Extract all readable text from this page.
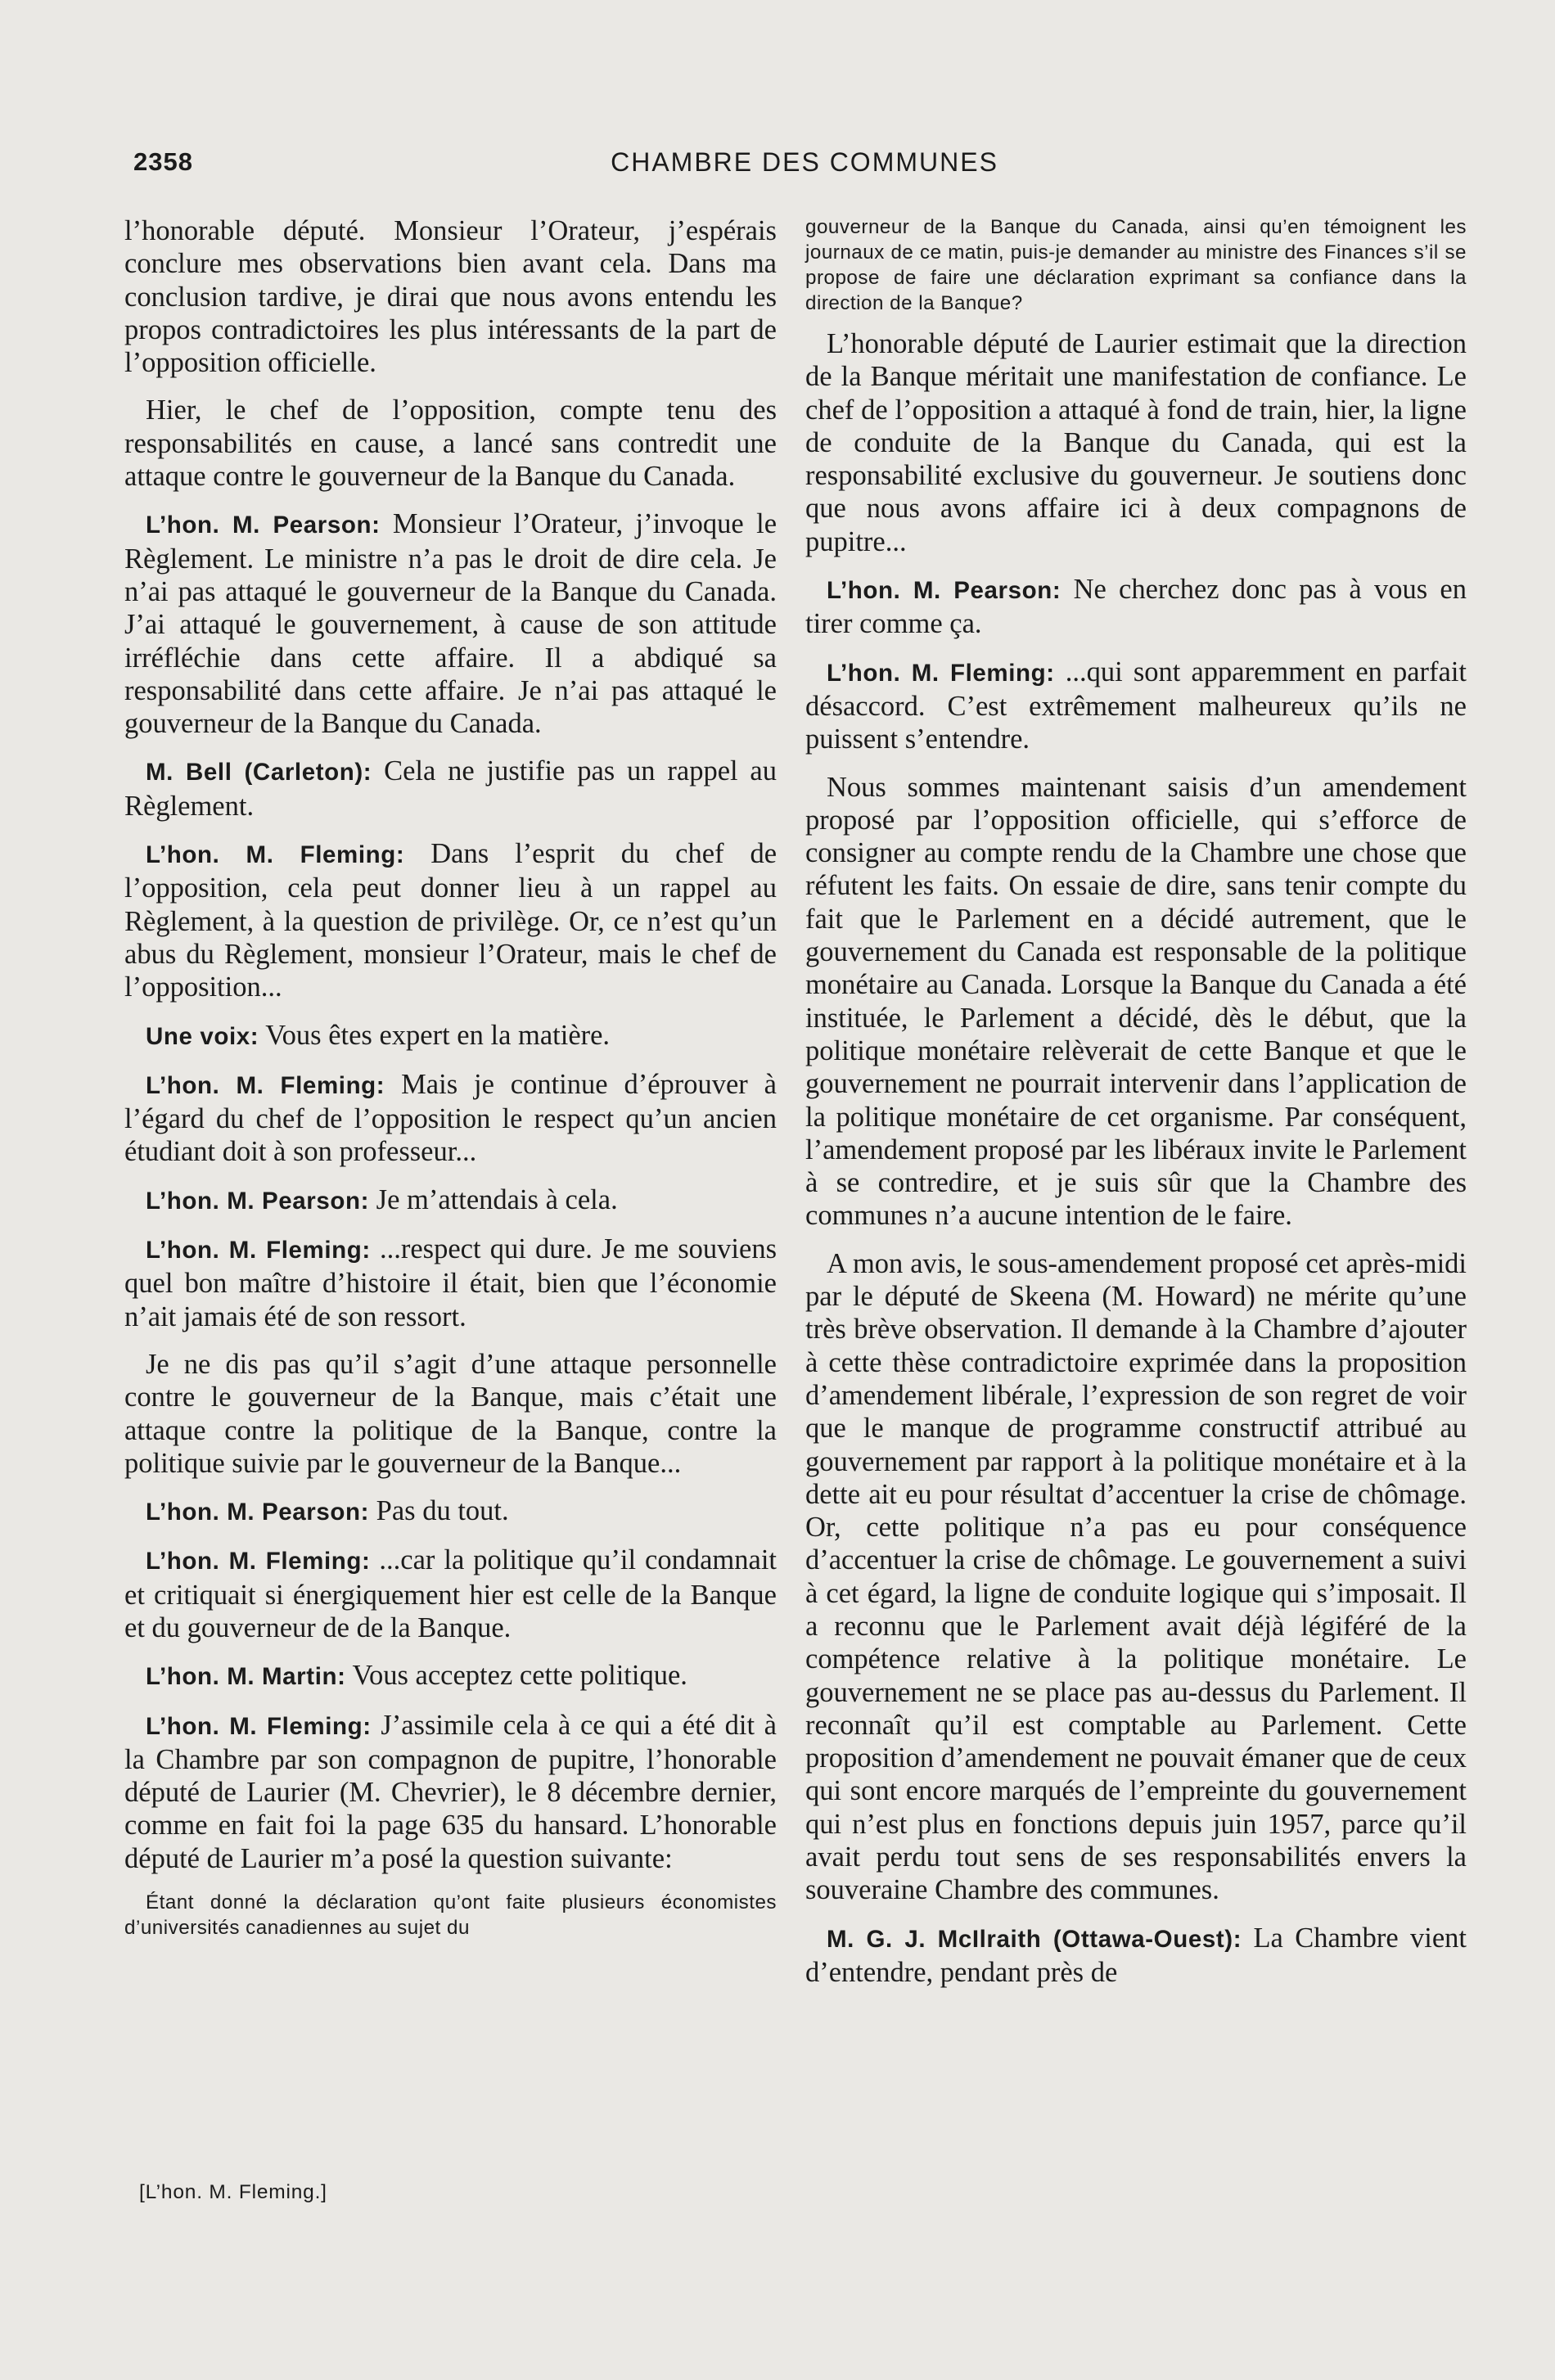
2358	CHAMBRE DES COMMUNES

l’honorable député. Monsieur l’Orateur, j’espérais conclure mes observations bien avant cela. Dans ma conclusion tardive, je dirai que nous avons entendu les propos contradictoires les plus intéressants de la part de l’opposition officielle.

Hier, le chef de l’opposition, compte tenu des responsabilités en cause, a lancé sans contredit une attaque contre le gouverneur de la Banque du Canada.

L’hon. M. Pearson: Monsieur l’Orateur, j’invoque le Règlement. Le ministre n’a pas le droit de dire cela. Je n’ai pas attaqué le gouverneur de la Banque du Canada. J’ai attaqué le gouvernement, à cause de son attitude irréfléchie dans cette affaire. Il a abdiqué sa responsabilité dans cette affaire. Je n’ai pas attaqué le gouverneur de la Banque du Canada.

M. Bell (Carleton): Cela ne justifie pas un rappel au Règlement.

L’hon. M. Fleming: Dans l’esprit du chef de l’opposition, cela peut donner lieu à un rappel au Règlement, à la question de privilège. Or, ce n’est qu’un abus du Règlement, monsieur l’Orateur, mais le chef de l’opposition...

Une voix: Vous êtes expert en la matière.

L’hon. M. Fleming: Mais je continue d’éprouver à l’égard du chef de l’opposition le respect qu’un ancien étudiant doit à son professeur...

L’hon. M. Pearson: Je m’attendais à cela.

L’hon. M. Fleming: ...respect qui dure. Je me souviens quel bon maître d’histoire il était, bien que l’économie n’ait jamais été de son ressort.

Je ne dis pas qu’il s’agit d’une attaque personnelle contre le gouverneur de la Banque, mais c’était une attaque contre la politique de la Banque, contre la politique suivie par le gouverneur de la Banque...

L’hon. M. Pearson: Pas du tout.

L’hon. M. Fleming: ...car la politique qu’il condamnait et critiquait si énergiquement hier est celle de la Banque et du gouverneur de de la Banque.

L’hon. M. Martin: Vous acceptez cette politique.

L’hon. M. Fleming: J’assimile cela à ce qui a été dit à la Chambre par son compagnon de pupitre, l’honorable député de Laurier (M. Chevrier), le 8 décembre dernier, comme en fait foi la page 635 du hansard. L’honorable député de Laurier m’a posé la question suivante:

Étant donné la déclaration qu’ont faite plusieurs économistes d’universités canadiennes au sujet du

gouverneur de la Banque du Canada, ainsi qu’en témoignent les journaux de ce matin, puis-je demander au ministre des Finances s’il se propose de faire une déclaration exprimant sa confiance dans la direction de la Banque?

L’honorable député de Laurier estimait que la direction de la Banque méritait une manifestation de confiance. Le chef de l’opposition a attaqué à fond de train, hier, la ligne de conduite de la Banque du Canada, qui est la responsabilité exclusive du gouverneur. Je soutiens donc que nous avons affaire ici à deux compagnons de pupitre...

L’hon. M. Pearson: Ne cherchez donc pas à vous en tirer comme ça.

L’hon. M. Fleming: ...qui sont apparemment en parfait désaccord. C’est extrêmement malheureux qu’ils ne puissent s’entendre.

Nous sommes maintenant saisis d’un amendement proposé par l’opposition officielle, qui s’efforce de consigner au compte rendu de la Chambre une chose que réfutent les faits. On essaie de dire, sans tenir compte du fait que le Parlement en a décidé autrement, que le gouvernement du Canada est responsable de la politique monétaire au Canada. Lorsque la Banque du Canada a été instituée, le Parlement a décidé, dès le début, que la politique monétaire relèverait de cette Banque et que le gouvernement ne pourrait intervenir dans l’application de la politique monétaire de cet organisme. Par conséquent, l’amendement proposé par les libéraux invite le Parlement à se contredire, et je suis sûr que la Chambre des communes n’a aucune intention de le faire.

A mon avis, le sous-amendement proposé cet après-midi par le député de Skeena (M. Howard) ne mérite qu’une très brève observation. Il demande à la Chambre d’ajouter à cette thèse contradictoire exprimée dans la proposition d’amendement libérale, l’expression de son regret de voir que le manque de programme constructif attribué au gouvernement par rapport à la politique monétaire et à la dette ait eu pour résultat d’accentuer la crise de chômage. Or, cette politique n’a pas eu pour conséquence d’accentuer la crise de chômage. Le gouvernement a suivi à cet égard, la ligne de conduite logique qui s’imposait. Il a reconnu que le Parlement avait déjà légiféré de la compétence relative à la politique monétaire. Le gouvernement ne se place pas au-dessus du Parlement. Il reconnaît qu’il est comptable au Parlement. Cette proposition d’amendement ne pouvait émaner que de ceux qui sont encore marqués de l’empreinte du gouvernement qui n’est plus en fonctions depuis juin 1957, parce qu’il avait perdu tout sens de ses responsabilités envers la souveraine Chambre des communes.

M. G. J. McIlraith (Ottawa-Ouest): La Chambre vient d’entendre, pendant près de

[L’hon. M. Fleming.]
